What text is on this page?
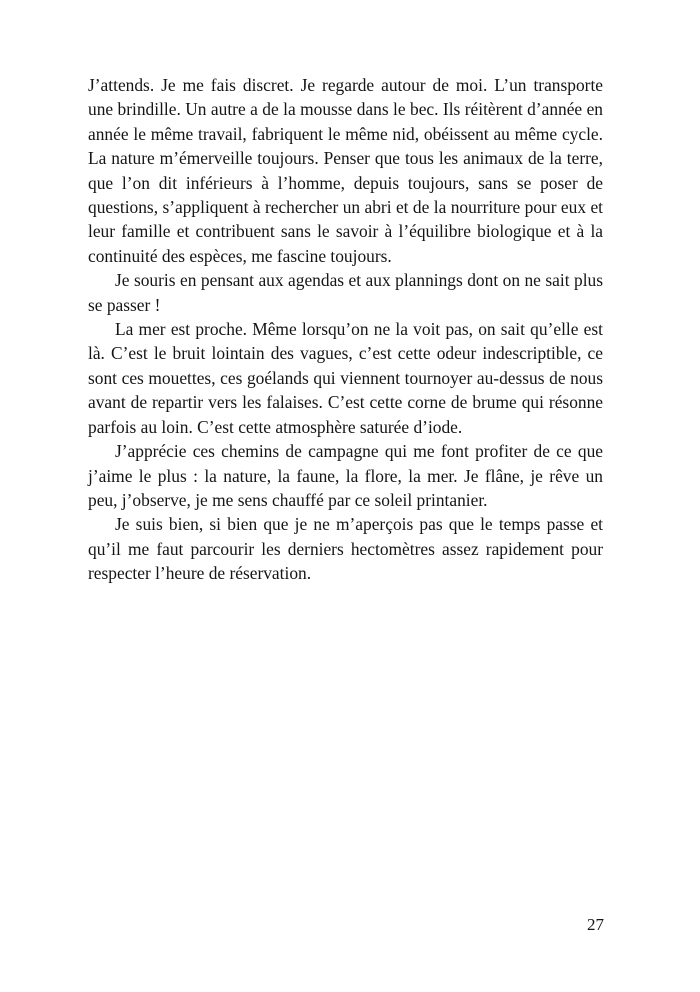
J’attends. Je me fais discret. Je regarde autour de moi. L’un transporte une brindille. Un autre a de la mousse dans le bec. Ils réitèrent d’année en année le même travail, fabriquent le même nid, obéissent au même cycle. La nature m’émerveille toujours. Penser que tous les animaux de la terre, que l’on dit inférieurs à l’homme, depuis toujours, sans se poser de questions, s’appliquent à rechercher un abri et de la nourriture pour eux et leur famille et contribuent sans le savoir à l’équilibre biologique et à la continuité des espèces, me fascine toujours.

Je souris en pensant aux agendas et aux plannings dont on ne sait plus se passer !

La mer est proche. Même lorsqu’on ne la voit pas, on sait qu’elle est là. C’est le bruit lointain des vagues, c’est cette odeur indescriptible, ce sont ces mouettes, ces goélands qui viennent tournoyer au-dessus de nous avant de repartir vers les falaises. C’est cette corne de brume qui résonne parfois au loin. C’est cette atmosphère saturée d’iode.

J’apprécie ces chemins de campagne qui me font profiter de ce que j’aime le plus : la nature, la faune, la flore, la mer. Je flâne, je rêve un peu, j’observe, je me sens chauffé par ce soleil printanier.

Je suis bien, si bien que je ne m’aperçois pas que le temps passe et qu’il me faut parcourir les derniers hectomètres assez rapidement pour respecter l’heure de réservation.

27
